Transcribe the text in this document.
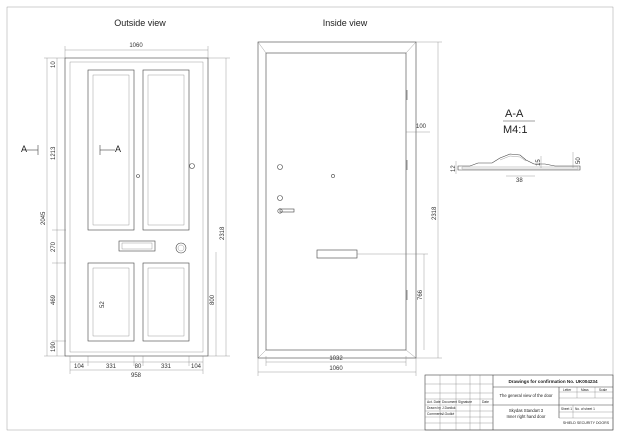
Outside view
A	A
1060
10
1213
2045
270
469
190
2318
800
52
104	331	80	331	104
958
Inside view
100
2318
766
1032
1060
A-A
M4:1
12
38
15	50
Act. Date Document Signature	Date
Drawn by J.Daniluk
Comments J.Gudkè
Drawings for confirmation No. UK004234
Letter	Mass	Scale
The general view of the door
Skydas Standart 3
Inner right hand door
Sheet 1 No. of sheet 1
SHIELD SECURITY DOORS
